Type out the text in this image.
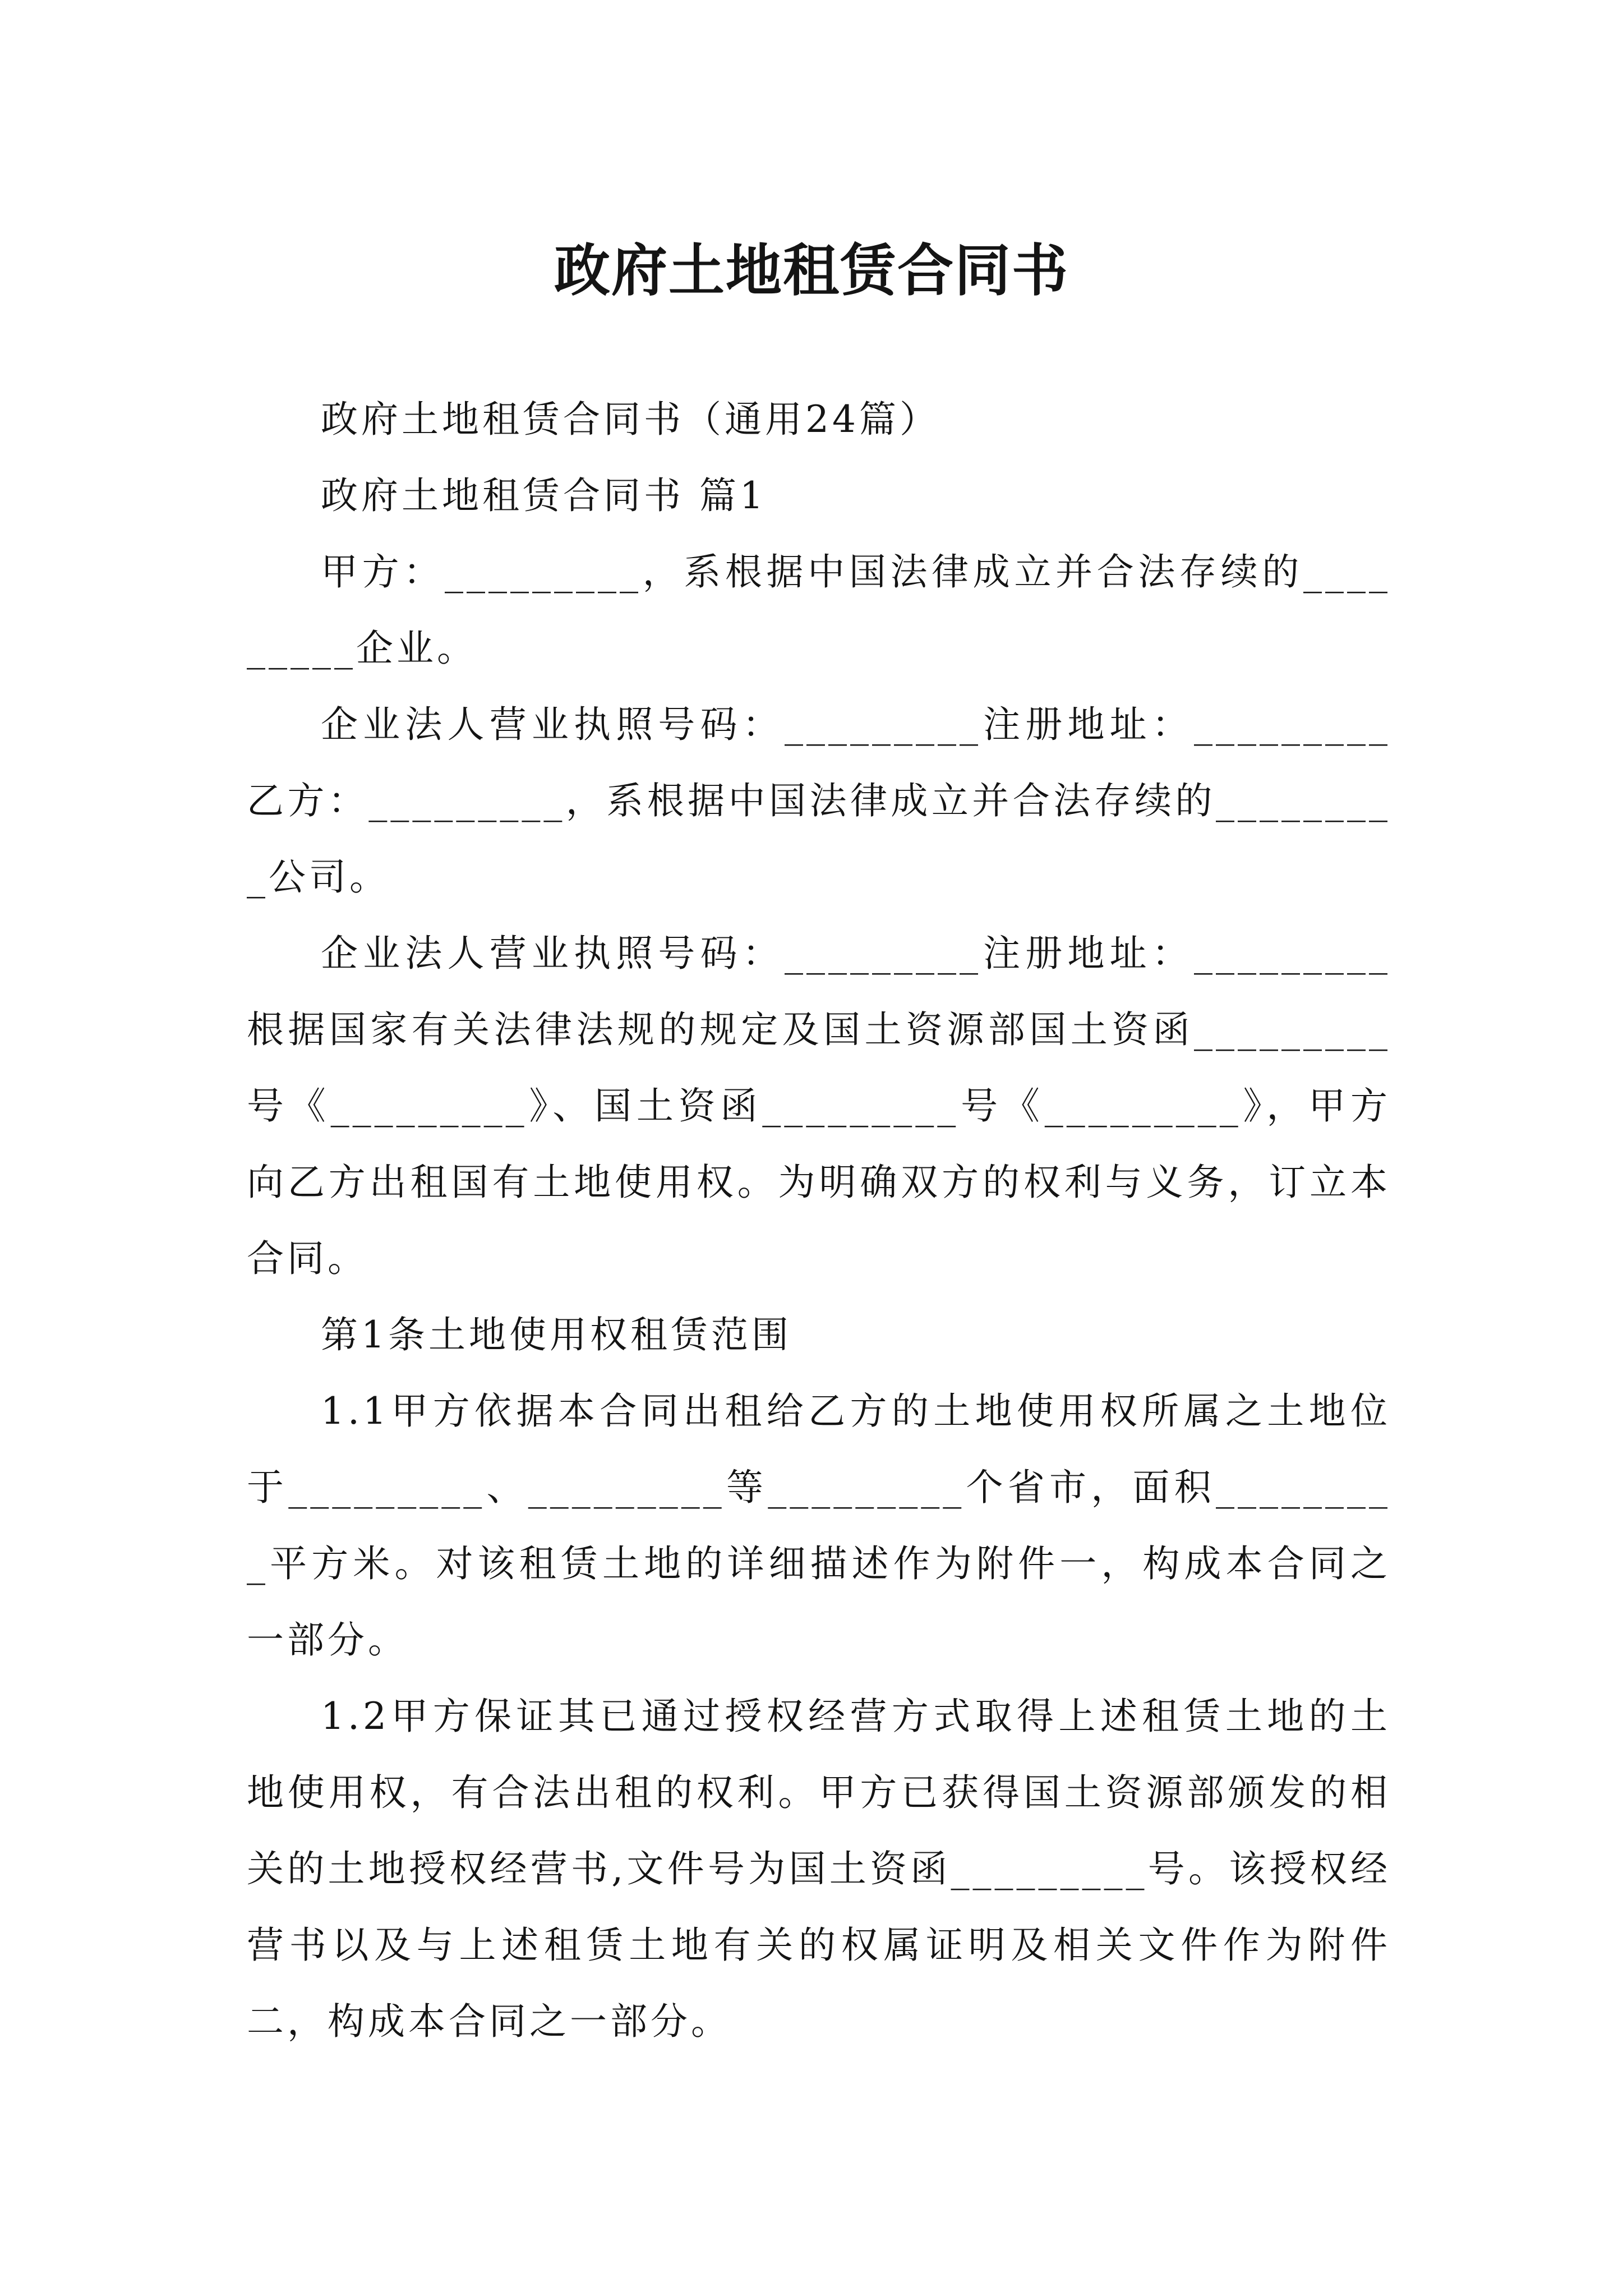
政府土地租赁合同书

政府土地租赁合同书（通用24篇）

政府土地租赁合同书 篇1

甲方：_________，系根据中国法律成立并合法存续的_________企业。

企业法人营业执照号码：_________注册地址：_________乙方：_________，系根据中国法律成立并合法存续的_________公司。

企业法人营业执照号码：_________注册地址：_________根据国家有关法律法规的规定及国土资源部国土资函_________号《_________》、国土资函_________号《_________》，甲方向乙方出租国有土地使用权。为明确双方的权利与义务，订立本合同。

第1条土地使用权租赁范围

1.1甲方依据本合同出租给乙方的土地使用权所属之土地位于_________、_________等_________个省市，面积_________平方米。对该租赁土地的详细描述作为附件一，构成本合同之一部分。

1.2甲方保证其已通过授权经营方式取得上述租赁土地的土地使用权，有合法出租的权利。甲方已获得国土资源部颁发的相关的土地授权经营书,文件号为国土资函_________号。该授权经营书以及与上述租赁土地有关的权属证明及相关文件作为附件二，构成本合同之一部分。
